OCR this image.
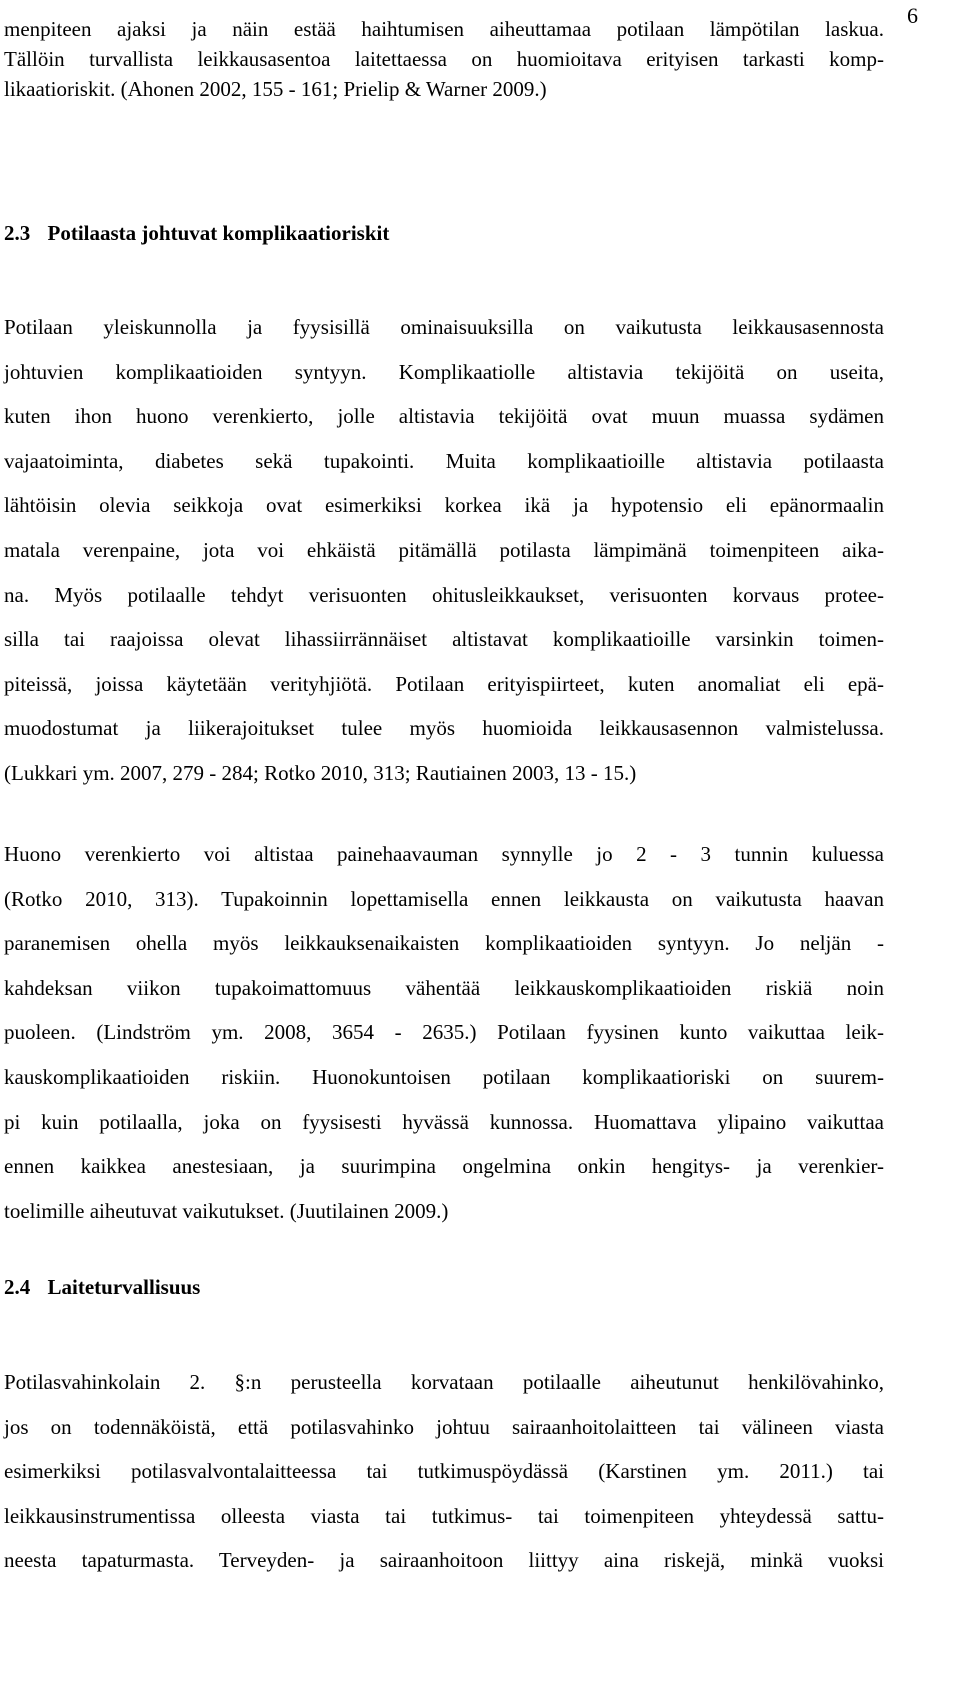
6
menpiteen ajaksi ja näin estää haihtumisen aiheuttamaa potilaan lämpötilan laskua.
Tällöin turvallista leikkausasentoa laitettaessa on huomioitava erityisen tarkasti komp-
likaatioriskit. (Ahonen 2002, 155 - 161; Prielip & Warner 2009.)
2.3 Potilaasta johtuvat komplikaatioriskit
Potilaan yleiskunnolla ja fyysisillä ominaisuuksilla on vaikutusta leikkausasennosta
johtuvien komplikaatioiden syntyyn. Komplikaatiolle altistavia tekijöitä on useita,
kuten ihon huono verenkierto, jolle altistavia tekijöitä ovat muun muassa sydämen
vajaatoiminta, diabetes sekä tupakointi. Muita komplikaatioille altistavia potilaasta
lähtöisin olevia seikkoja ovat esimerkiksi korkea ikä ja hypotensio eli epänormaalin
matala verenpaine, jota voi ehkäistä pitämällä potilasta lämpimänä toimenpiteen aika-
na. Myös potilaalle tehdyt verisuonten ohitusleikkaukset, verisuonten korvaus protee-
silla tai raajoissa olevat lihassiirrännäiset altistavat komplikaatioille varsinkin toimen-
piteissä, joissa käytetään verityhjiötä. Potilaan erityispiirteet, kuten anomaliat eli epä-
muodostumat ja liikerajoitukset tulee myös huomioida leikkausasennon valmistelussa.
(Lukkari ym. 2007, 279 - 284; Rotko 2010, 313; Rautiainen 2003, 13 - 15.)
Huono verenkierto voi altistaa painehaavauman synnylle jo 2 - 3 tunnin kuluessa
(Rotko 2010, 313). Tupakoinnin lopettamisella ennen leikkausta on vaikutusta haavan
paranemisen ohella myös leikkauksenaikaisten komplikaatioiden syntyyn. Jo neljän -
kahdeksan viikon tupakoimattomuus vähentää leikkauskomplikaatioiden riskiä noin
puoleen. (Lindström ym. 2008, 3654 - 2635.) Potilaan fyysinen kunto vaikuttaa leik-
kauskomplikaatioiden riskiin. Huonokuntoisen potilaan komplikaatioriski on suurem-
pi kuin potilaalla, joka on fyysisesti hyvässä kunnossa. Huomattava ylipaino vaikuttaa
ennen kaikkea anestesiaan, ja suurimpina ongelmina onkin hengitys- ja verenkier-
toelimille aiheutuvat vaikutukset. (Juutilainen 2009.)
2.4 Laiteturvallisuus
Potilasvahinkolain 2. §:n perusteella korvataan potilaalle aiheutunut henkilövahinko,
jos on todennäköistä, että potilasvahinko johtuu sairaanhoitolaitteen tai välineen viasta
esimerkiksi potilasvalvontalaitteessa tai tutkimuspöydässä (Karstinen ym. 2011.) tai
leikkausinstrumentissa olleesta viasta tai tutkimus- tai toimenpiteen yhteydessä sattu-
neesta tapaturmasta. Terveyden- ja sairaanhoitoon liittyy aina riskejä, minkä vuoksi
